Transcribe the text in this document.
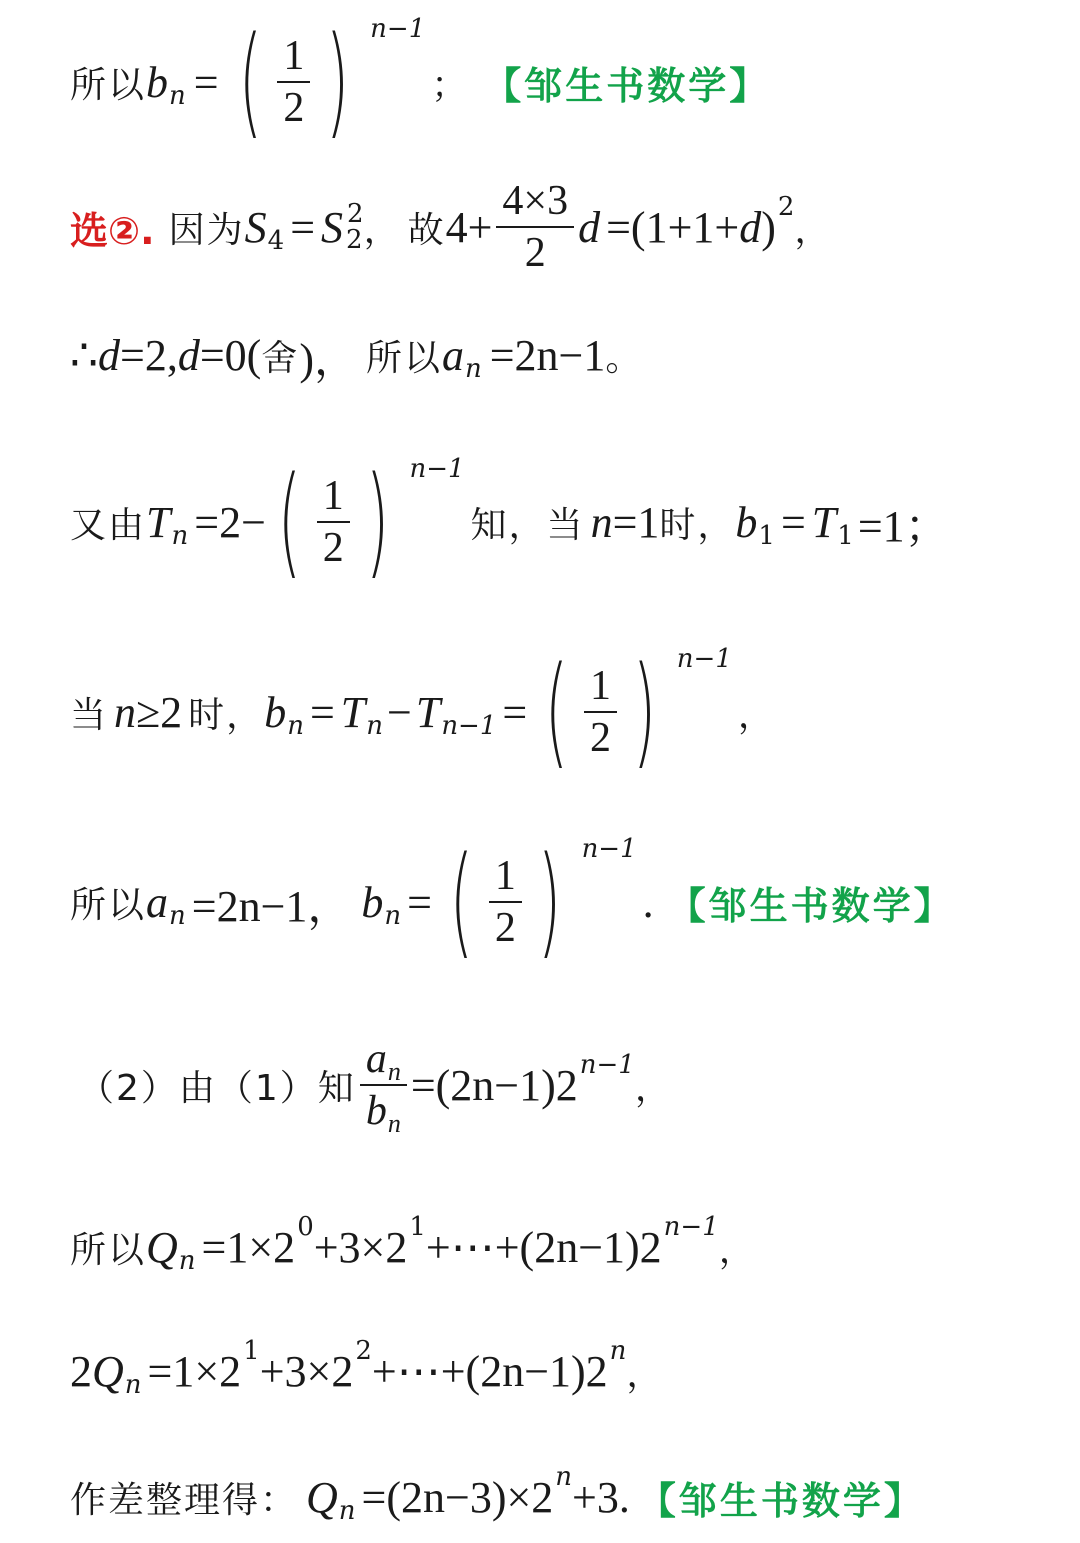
所以 b n = ( $\frac{1}{2}$ ) n−1
； 【邹生书数学】
选②. 因为 S 4 = S 2
2 ， 故 $4+ \frac{4\times 3}{2}$ d =(1+1+ d ) 2
，
∴ d =2, d =0( 舍 )， 所以 a n =2n−1 。
又由 T n =2− ( $\frac{1}{2}$ ) n−1
知，当 n =1 时， b 1 = T 1 =1；
当 n ≥2 时， b n = T n − T n−1 = ( $\frac{1}{2}$ ) n−1
，
所以 a n =2n−1， b n = ( $\frac{1}{2}$ ) n−1
. 【邹生书数学】
（2）由（1）知 $\frac{an}{bn} =(2n-1)2$ n−1
，
所以 Q n =1×2 0 +3×2 1 +⋯+(2n−1)2 n−1
，
2 Q n =1×2 1 +3×2 2 +⋯+(2n−1)2 n
，
作差整理得： Q n =(2n−3)×2 n +3. 【邹生书数学】
